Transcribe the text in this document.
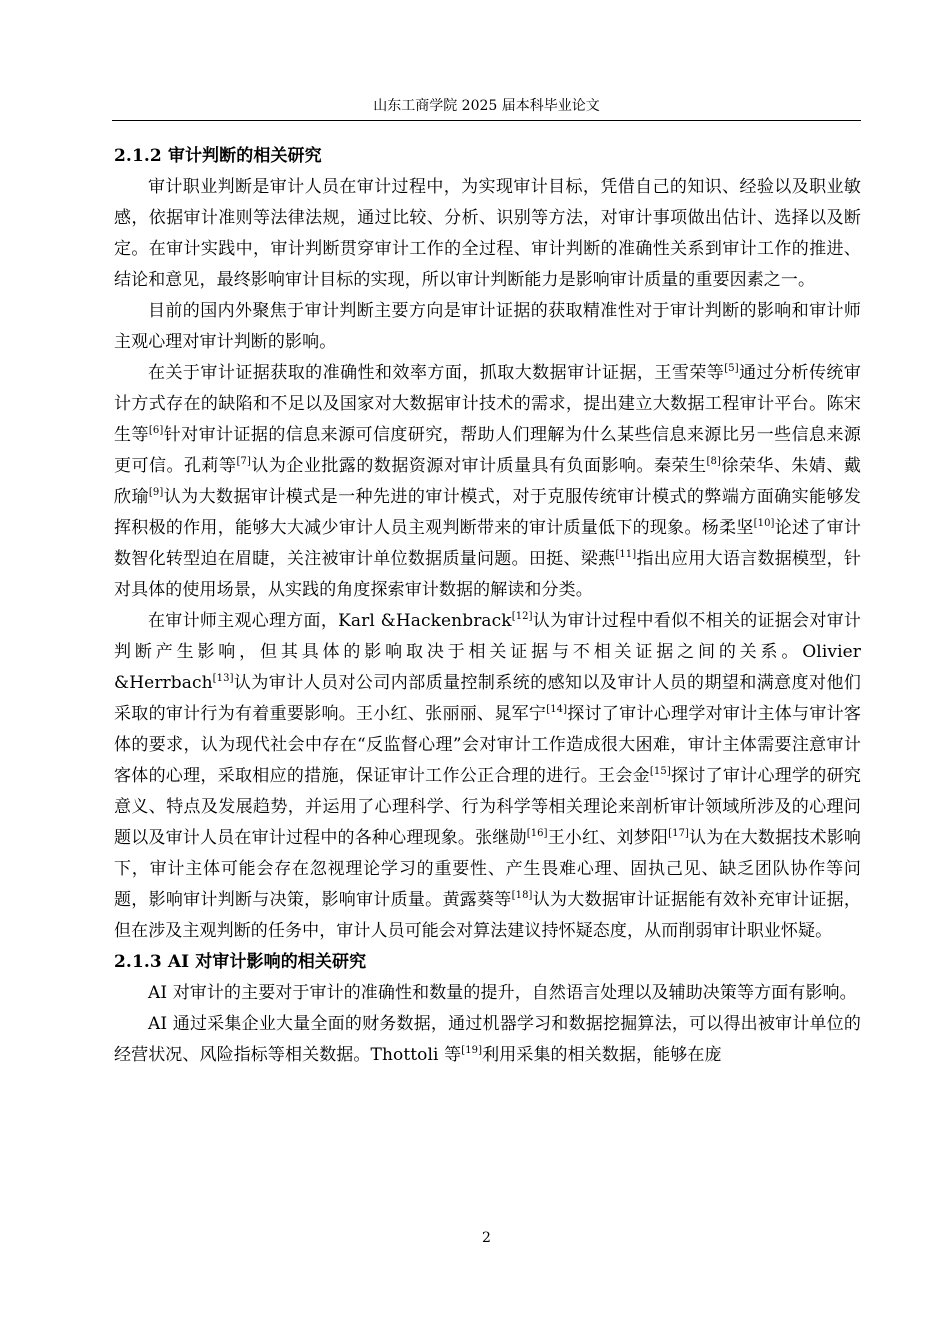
山东工商学院 2025 届本科毕业论文
2.1.2 审计判断的相关研究

审计职业判断是审计人员在审计过程中，为实现审计目标，凭借自己的知识、经验以及职业敏感，依据审计准则等法律法规，通过比较、分析、识别等方法，对审计事项做出估计、选择以及断定。在审计实践中，审计判断贯穿审计工作的全过程、审计判断的准确性关系到审计工作的推进、结论和意见，最终影响审计目标的实现，所以审计判断能力是影响审计质量的重要因素之一。

目前的国内外聚焦于审计判断主要方向是审计证据的获取精准性对于审计判断的影响和审计师主观心理对审计判断的影响。

在关于审计证据获取的准确性和效率方面，抓取大数据审计证据，王雪荣等[5]通过分析传统审计方式存在的缺陷和不足以及国家对大数据审计技术的需求，提出建立大数据工程审计平台。陈宋生等[6]针对审计证据的信息来源可信度研究，帮助人们理解为什么某些信息来源比另一些信息来源更可信。孔莉等[7]认为企业批露的数据资源对审计质量具有负面影响。秦荣生[8]徐荣华、朱婧、戴欣瑜[9]认为大数据审计模式是一种先进的审计模式，对于克服传统审计模式的弊端方面确实能够发挥积极的作用，能够大大减少审计人员主观判断带来的审计质量低下的现象。杨柔坚[10]论述了审计数智化转型迫在眉睫，关注被审计单位数据质量问题。田挺、梁燕[11]指出应用大语言数据模型，针对具体的使用场景，从实践的角度探索审计数据的解读和分类。

在审计师主观心理方面，Karl &Hackenbrack[12]认为审计过程中看似不相关的证据会对审计判断产生影响，但其具体的影响取决于相关证据与不相关证据之间的关系。Olivier &Herrbach[13]认为审计人员对公司内部质量控制系统的感知以及审计人员的期望和满意度对他们采取的审计行为有着重要影响。王小红、张丽丽、晁军宁[14]探讨了审计心理学对审计主体与审计客体的要求，认为现代社会中存在“反监督心理”会对审计工作造成很大困难，审计主体需要注意审计客体的心理，采取相应的措施，保证审计工作公正合理的进行。王会金[15]探讨了审计心理学的研究意义、特点及发展趋势，并运用了心理科学、行为科学等相关理论来剖析审计领域所涉及的心理问题以及审计人员在审计过程中的各种心理现象。张继勋[16]王小红、刘梦阳[17]认为在大数据技术影响下，审计主体可能会存在忽视理论学习的重要性、产生畏难心理、固执己见、缺乏团队协作等问题，影响审计判断与决策，影响审计质量。黄露葵等[18]认为大数据审计证据能有效补充审计证据，但在涉及主观判断的任务中，审计人员可能会对算法建议持怀疑态度，从而削弱审计职业怀疑。

2.1.3 AI 对审计影响的相关研究

AI 对审计的主要对于审计的准确性和数量的提升，自然语言处理以及辅助决策等方面有影响。

AI 通过采集企业大量全面的财务数据，通过机器学习和数据挖掘算法，可以得出被审计单位的经营状况、风险指标等相关数据。Thottoli 等[19]利用采集的相关数据，能够在庞

2
